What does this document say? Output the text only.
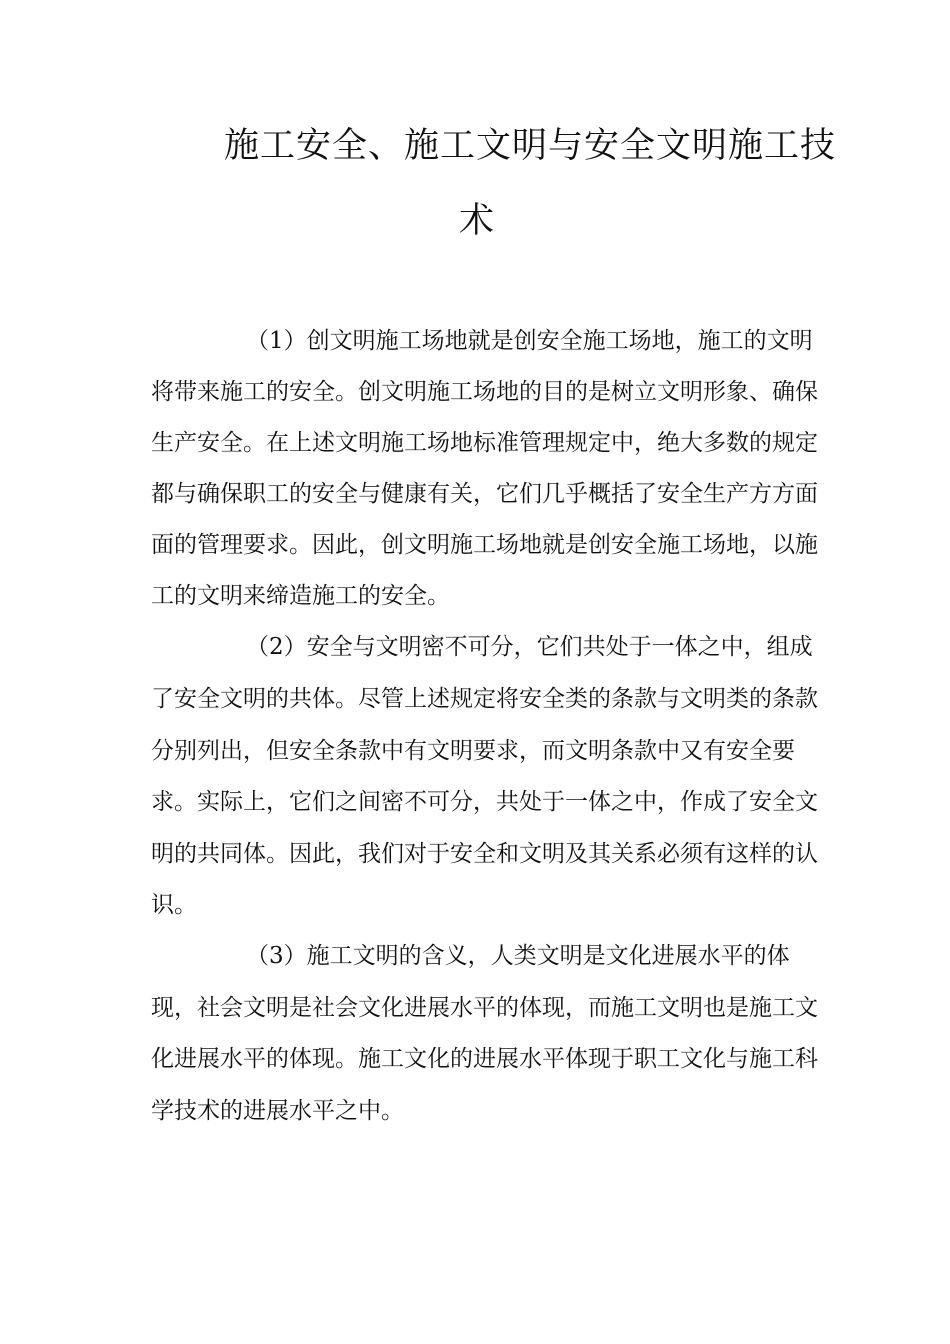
施工安全、施工文明与安全文明施工技
术
（1）创文明施工场地就是创安全施工场地，施工的文明
将带来施工的安全。创文明施工场地的目的是树立文明形象、确保
生产安全。在上述文明施工场地标准管理规定中，绝大多数的规定
都与确保职工的安全与健康有关，它们几乎概括了安全生产方方面
面的管理要求。因此，创文明施工场地就是创安全施工场地，以施
工的文明来缔造施工的安全。
（2）安全与文明密不可分，它们共处于一体之中，组成
了安全文明的共体。尽管上述规定将安全类的条款与文明类的条款
分别列出，但安全条款中有文明要求，而文明条款中又有安全要
求。实际上，它们之间密不可分，共处于一体之中，作成了安全文
明的共同体。因此，我们对于安全和文明及其关系必须有这样的认
识。
（3）施工文明的含义，人类文明是文化进展水平的体
现，社会文明是社会文化进展水平的体现，而施工文明也是施工文
化进展水平的体现。施工文化的进展水平体现于职工文化与施工科
学技术的进展水平之中。
